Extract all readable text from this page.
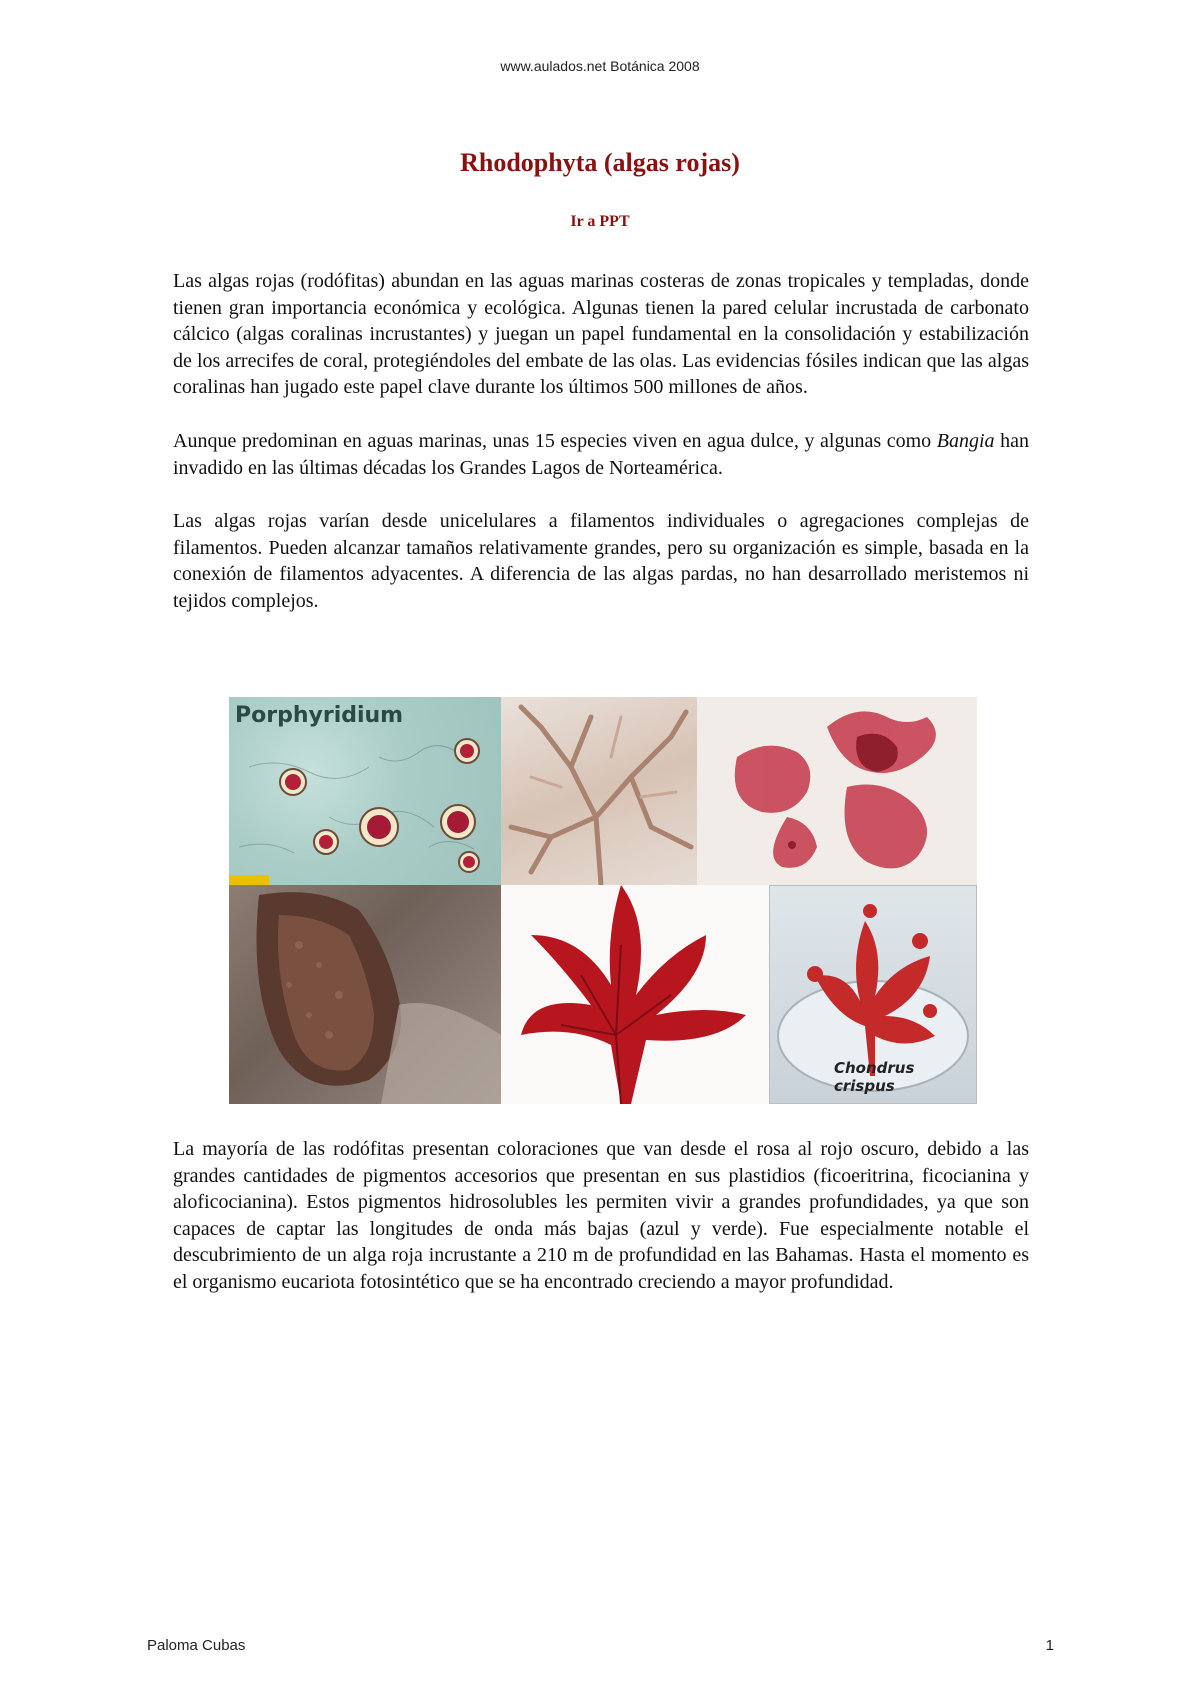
www.aulados.net Botánica 2008
Rhodophyta (algas rojas)
Ir a PPT

Las algas rojas (rodófitas) abundan en las aguas marinas costeras de zonas tropicales y templadas, donde tienen gran importancia económica y ecológica. Algunas tienen la pared celular incrustada de carbonato cálcico (algas coralinas incrustantes) y juegan un papel fundamental en la consolidación y estabilización de los arrecifes de coral, protegiéndoles del embate de las olas. Las evidencias fósiles indican que las algas coralinas han jugado este papel clave durante los últimos 500 millones de años.

Aunque predominan en aguas marinas, unas 15 especies viven en agua dulce, y algunas como Bangia han invadido en las últimas décadas los Grandes Lagos de Norteamérica.

Las algas rojas varían desde unicelulares a filamentos individuales o agregaciones complejas de filamentos. Pueden alcanzar tamaños relativamente grandes, pero su organización es simple, basada en la conexión de filamentos adyacentes. A diferencia de las algas pardas, no han desarrollado meristemos ni tejidos complejos.

Porphyridium
Chondrus crispus

La mayoría de las rodófitas presentan coloraciones que van desde el rosa al rojo oscuro, debido a las grandes cantidades de pigmentos accesorios que presentan en sus plastidios (ficoeritrina, ficocianina y aloficocianina). Estos pigmentos hidrosolubles les permiten vivir a grandes profundidades, ya que son capaces de captar las longitudes de onda más bajas (azul y verde). Fue especialmente notable el descubrimiento de un alga roja incrustante a 210 m de profundidad en las Bahamas. Hasta el momento es el organismo eucariota fotosintético que se ha encontrado creciendo a mayor profundidad.

Paloma Cubas	1
